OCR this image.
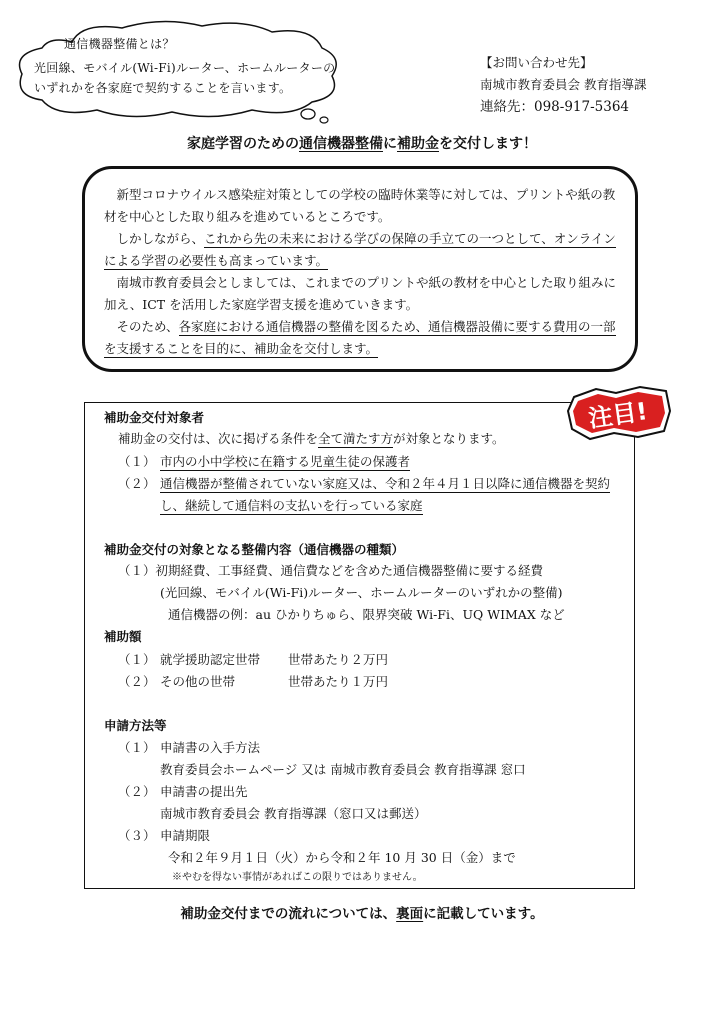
通信機器整備とは？
光回線、モバイル(Wi-Fi)ルーター、ホームルーターの
いずれかを各家庭で契約することを言います。
【お問い合わせ先】
南城市教育委員会 教育指導課
連絡先：098-917-5364
家庭学習のための通信機器整備に補助金を交付します！

新型コロナウイルス感染症対策としての学校の臨時休業等に対しては、プリントや紙の教材を中心とした取り組みを進めているところです。

しかしながら、これから先の未来における学びの保障の手立ての一つとして、オンラインによる学習の必要性も高まっています。

南城市教育委員会としましては、これまでのプリントや紙の教材を中心とした取り組みに加え、ICT を活用した家庭学習支援を進めていきます。

そのため、各家庭における通信機器の整備を図るため、通信機器設備に要する費用の一部を支援することを目的に、補助金を交付します。

注目!
補助金交付対象者
補助金の交付は、次に掲げる条件を全て満たす方が対象となります。
（１） 市内の小中学校に在籍する児童生徒の保護者
（２） 通信機器が整備されていない家庭又は、令和２年４月１日以降に通信機器を契約
し、継続して通信料の支払いを行っている家庭
補助金交付の対象となる整備内容（通信機器の種類）
（１）初期経費、工事経費、通信費などを含めた通信機器整備に要する経費
(光回線、モバイル(Wi-Fi)ルーター、ホームルーターのいずれかの整備)
通信機器の例：au ひかりちゅら、限界突破 Wi-Fi、UQ WIMAX など
補助額
（１） 就学援助認定世帯 世帯あたり２万円
（２） その他の世帯	世帯あたり１万円
申請方法等
（１） 申請書の入手方法
教育委員会ホームページ 又は 南城市教育委員会 教育指導課 窓口
（２） 申請書の提出先
南城市教育委員会 教育指導課（窓口又は郵送）
（３） 申請期限
令和２年９月１日（火）から令和２年 10 月 30 日（金）まで
※やむを得ない事情があればこの限りではありません。
補助金交付までの流れについては、裏面に記載しています。
